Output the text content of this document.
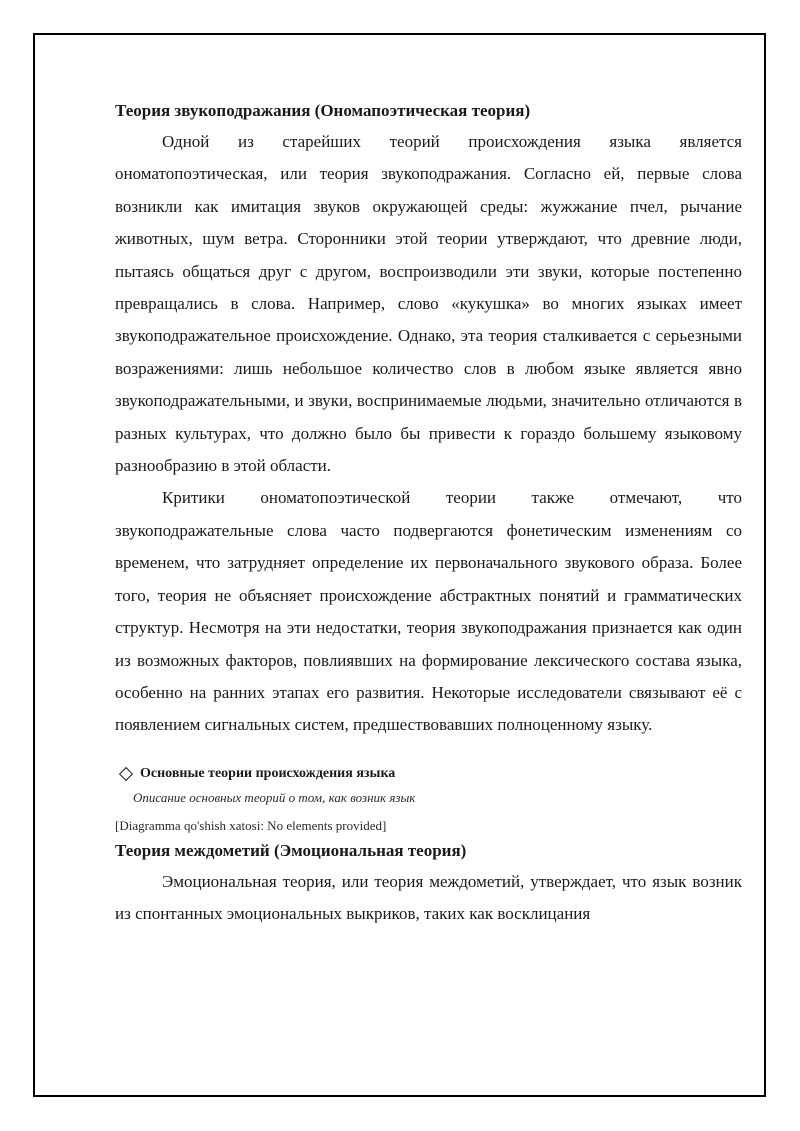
Теория звукоподражания (Ономапоэтическая теория)

Одной из старейших теорий происхождения языка является ономатопоэтическая, или теория звукоподражания. Согласно ей, первые слова возникли как имитация звуков окружающей среды: жужжание пчел, рычание животных, шум ветра. Сторонники этой теории утверждают, что древние люди, пытаясь общаться друг с другом, воспроизводили эти звуки, которые постепенно превращались в слова. Например, слово «кукушка» во многих языках имеет звукоподражательное происхождение. Однако, эта теория сталкивается с серьезными возражениями: лишь небольшое количество слов в любом языке является явно звукоподражательными, и звуки, воспринимаемые людьми, значительно отличаются в разных культурах, что должно было бы привести к гораздо большему языковому разнообразию в этой области.

Критики ономатопоэтической теории также отмечают, что звукоподражательные слова часто подвергаются фонетическим изменениям со временем, что затрудняет определение их первоначального звукового образа. Более того, теория не объясняет происхождение абстрактных понятий и грамматических структур. Несмотря на эти недостатки, теория звукоподражания признается как один из возможных факторов, повлиявших на формирование лексического состава языка, особенно на ранних этапах его развития. Некоторые исследователи связывают её с появлением сигнальных систем, предшествовавших полноценному языку.

Основные теории происхождения языка
Описание основных теорий о том, как возник язык
[Diagramma qo'shish xatosi: No elements provided]
Теория междометий (Эмоциональная теория)

Эмоциональная теория, или теория междометий, утверждает, что язык возник из спонтанных эмоциональных выкриков, таких как восклицания
